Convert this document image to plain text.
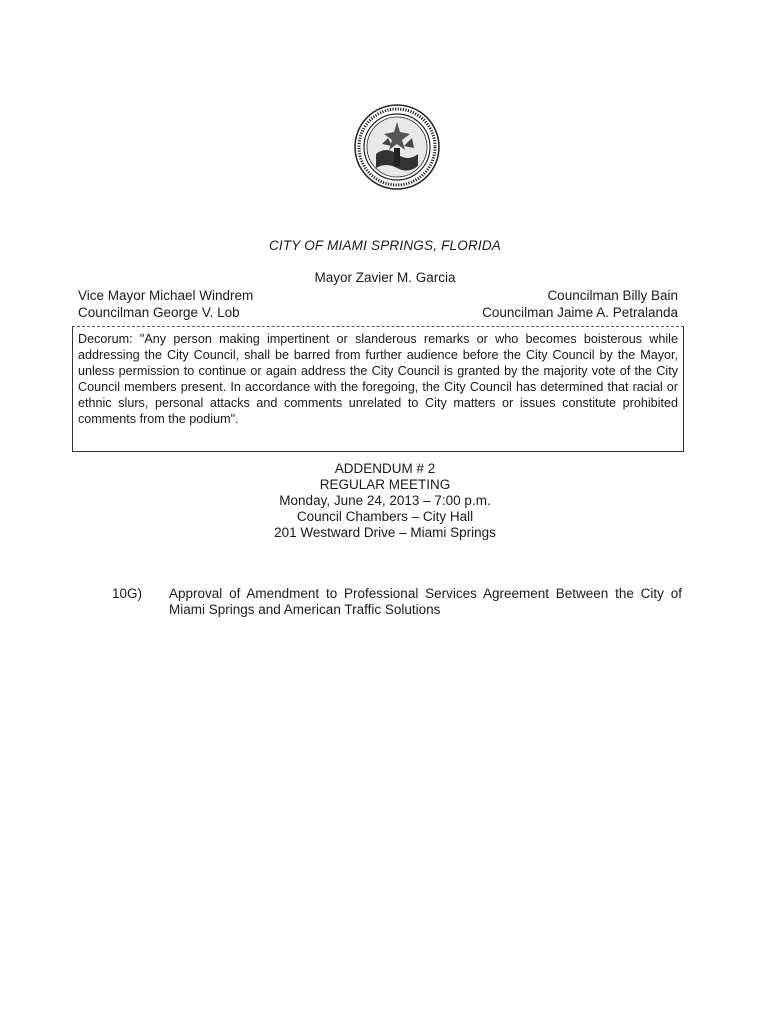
CITY OF MIAMI SPRINGS, FLORIDA
Mayor Zavier M. Garcia
Vice Mayor Michael Windrem	Councilman Billy Bain
Councilman George V. Lob	Councilman Jaime A. Petralanda
Decorum: "Any person making impertinent or slanderous remarks or who becomes boisterous while addressing the City Council, shall be barred from further audience before the City Council by the Mayor, unless permission to continue or again address the City Council is granted by the majority vote of the City Council members present. In accordance with the foregoing, the City Council has determined that racial or ethnic slurs, personal attacks and comments unrelated to City matters or issues constitute prohibited comments from the podium".
ADDENDUM # 2
REGULAR MEETING
Monday, June 24, 2013 – 7:00 p.m.
Council Chambers – City Hall
201 Westward Drive – Miami Springs
10G)	Approval of Amendment to Professional Services Agreement Between the City of Miami Springs and American Traffic Solutions
